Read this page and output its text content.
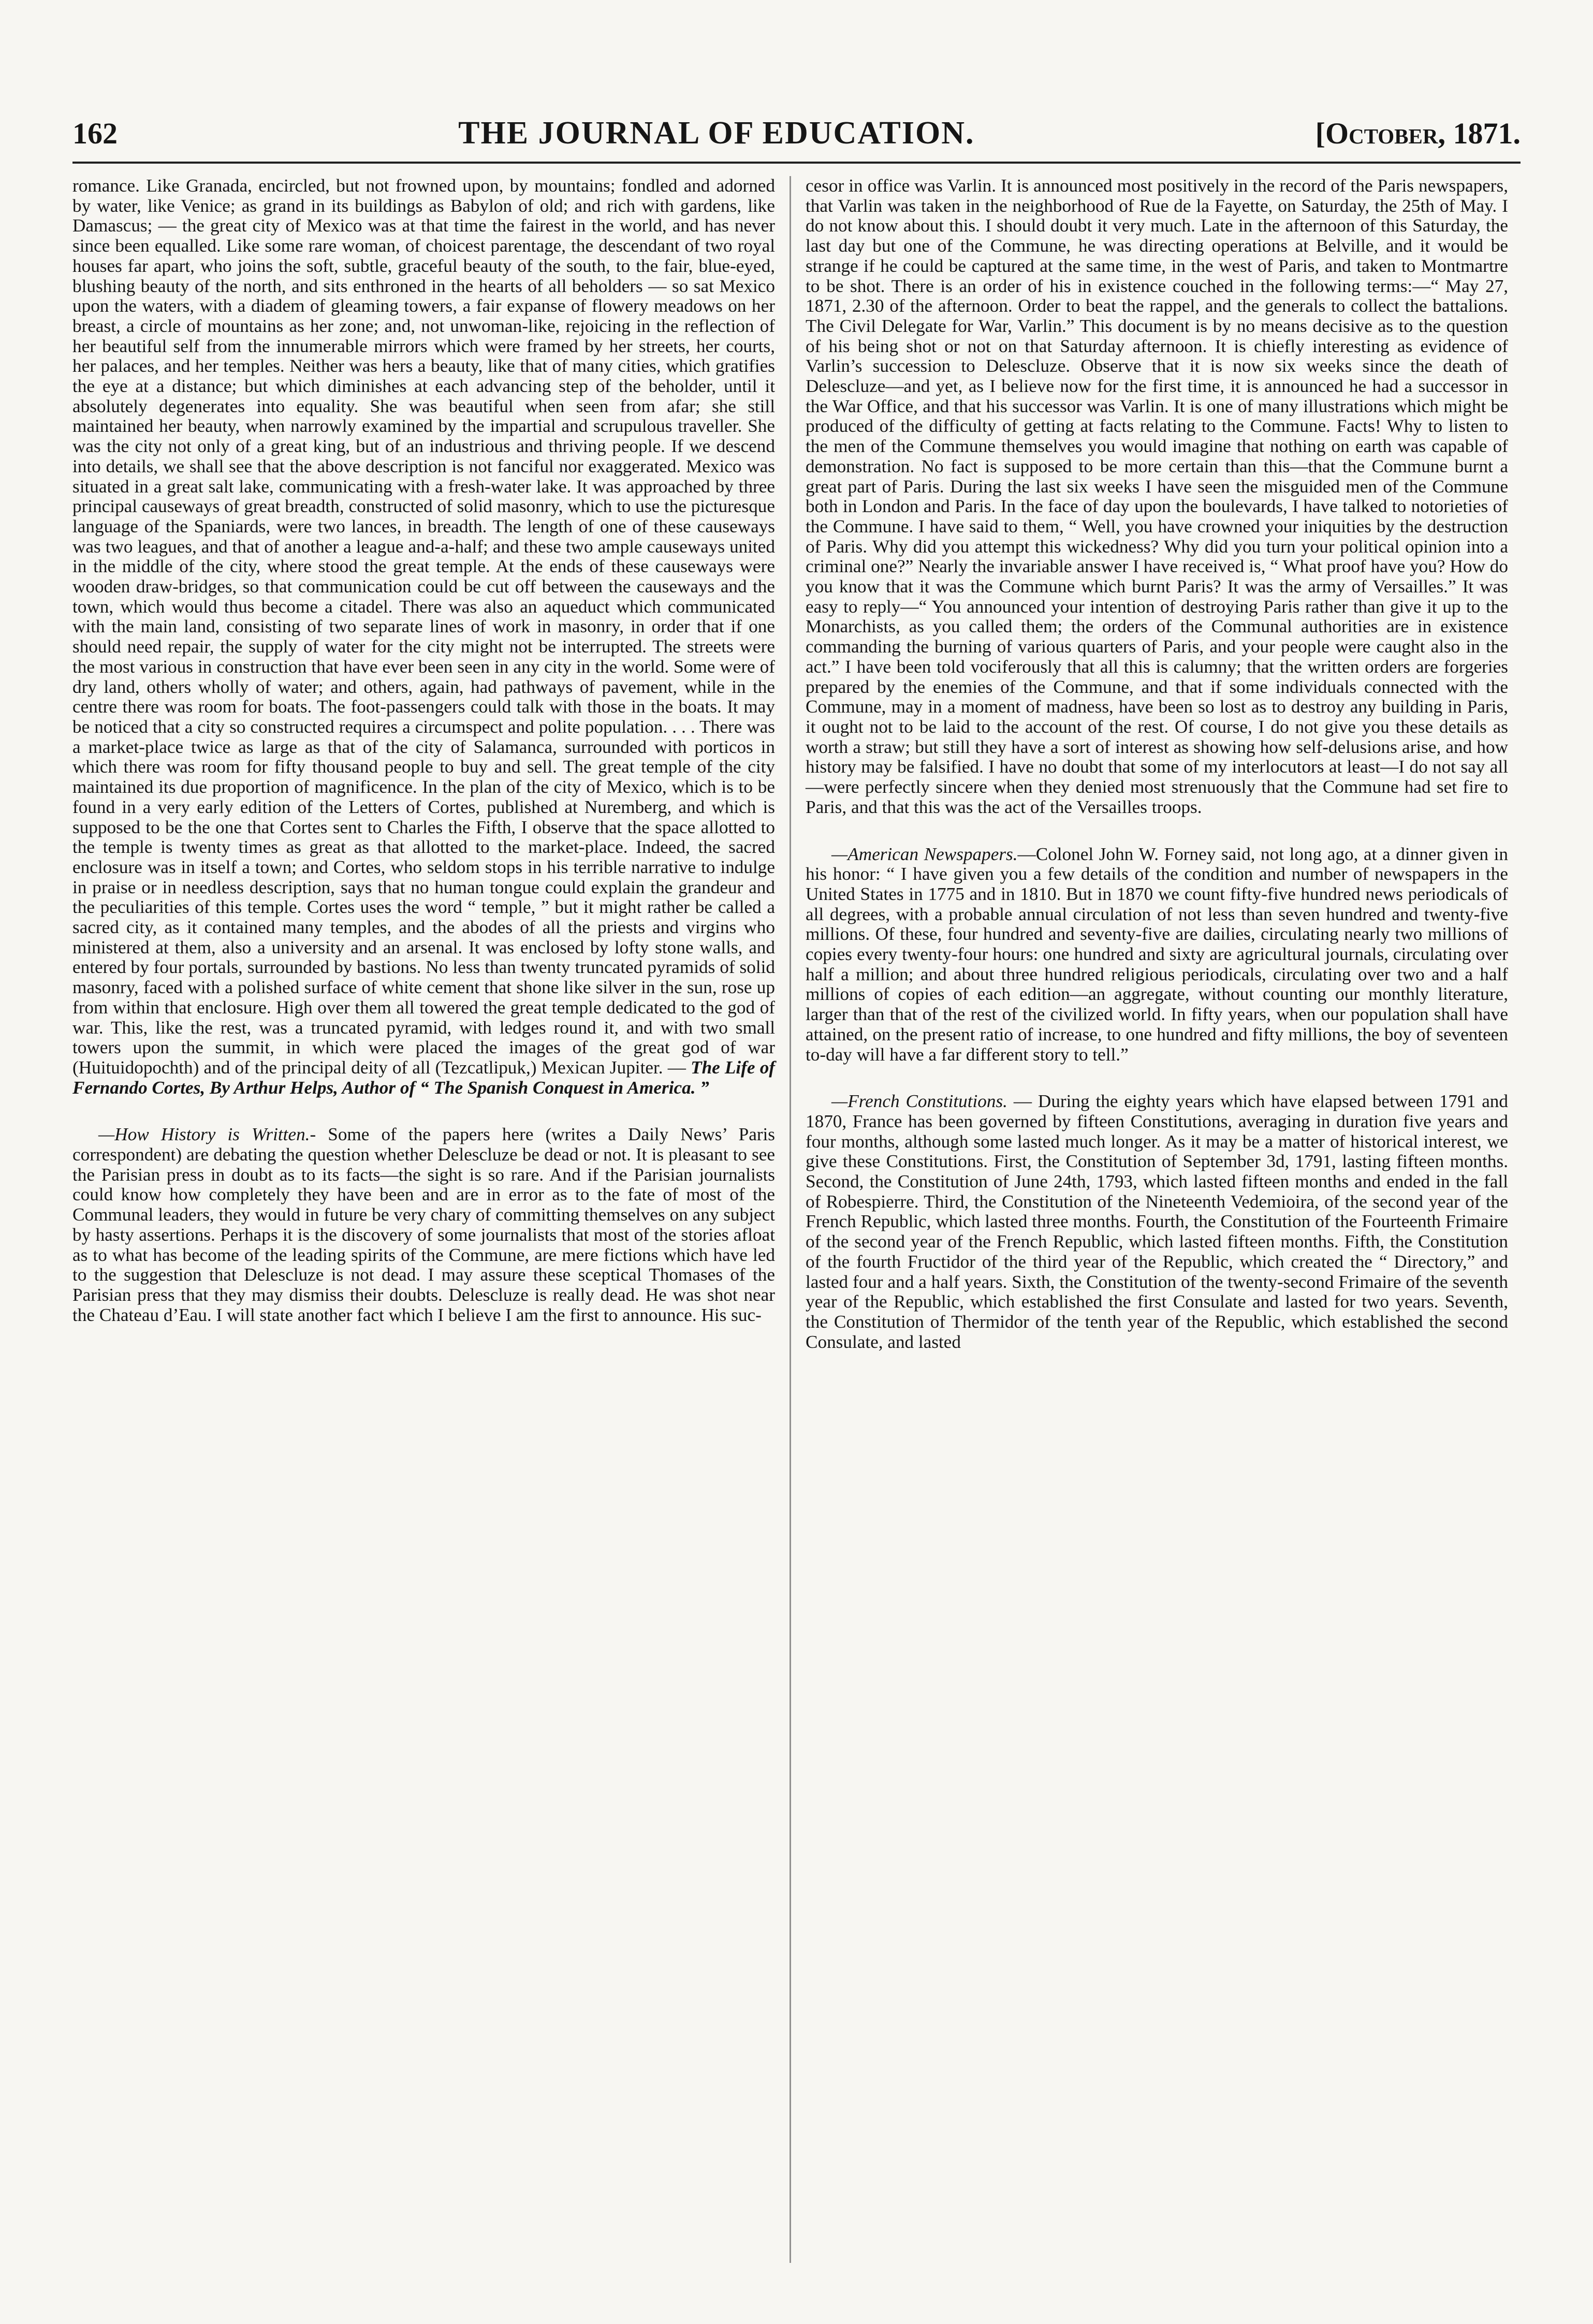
162	THE JOURNAL OF EDUCATION.	[October, 1871.

romance. Like Granada, encircled, but not frowned upon, by mountains; fondled and adorned by water, like Venice; as grand in its buildings as Babylon of old; and rich with gardens, like Damascus; — the great city of Mexico was at that time the fairest in the world, and has never since been equalled. Like some rare woman, of choicest parentage, the descendant of two royal houses far apart, who joins the soft, subtle, graceful beauty of the south, to the fair, blue-eyed, blushing beauty of the north, and sits enthroned in the hearts of all beholders — so sat Mexico upon the waters, with a diadem of gleaming towers, a fair expanse of flowery meadows on her breast, a circle of mountains as her zone; and, not unwoman-like, rejoicing in the reflection of her beautiful self from the innumerable mirrors which were framed by her streets, her courts, her palaces, and her temples. Neither was hers a beauty, like that of many cities, which gratifies the eye at a distance; but which diminishes at each advancing step of the beholder, until it absolutely degenerates into equality. She was beautiful when seen from afar; she still maintained her beauty, when narrowly examined by the impartial and scrupulous traveller. She was the city not only of a great king, but of an industrious and thriving people. If we descend into details, we shall see that the above description is not fanciful nor exaggerated. Mexico was situated in a great salt lake, communicating with a fresh-water lake. It was approached by three principal causeways of great breadth, constructed of solid masonry, which to use the picturesque language of the Spaniards, were two lances, in breadth. The length of one of these causeways was two leagues, and that of another a league and-a-half; and these two ample causeways united in the middle of the city, where stood the great temple. At the ends of these causeways were wooden draw-bridges, so that communication could be cut off between the causeways and the town, which would thus become a citadel. There was also an aqueduct which communicated with the main land, consisting of two separate lines of work in masonry, in order that if one should need repair, the supply of water for the city might not be interrupted. The streets were the most various in construction that have ever been seen in any city in the world. Some were of dry land, others wholly of water; and others, again, had pathways of pavement, while in the centre there was room for boats. The foot-passengers could talk with those in the boats. It may be noticed that a city so constructed requires a circumspect and polite population. . . . There was a market-place twice as large as that of the city of Salamanca, surrounded with porticos in which there was room for fifty thousand people to buy and sell. The great temple of the city maintained its due proportion of magnificence. In the plan of the city of Mexico, which is to be found in a very early edition of the Letters of Cortes, published at Nuremberg, and which is supposed to be the one that Cortes sent to Charles the Fifth, I observe that the space allotted to the temple is twenty times as great as that allotted to the market-place. Indeed, the sacred enclosure was in itself a town; and Cortes, who seldom stops in his terrible narrative to indulge in praise or in needless description, says that no human tongue could explain the grandeur and the peculiarities of this temple. Cortes uses the word “ temple, ” but it might rather be called a sacred city, as it contained many temples, and the abodes of all the priests and virgins who ministered at them, also a university and an arsenal. It was enclosed by lofty stone walls, and entered by four portals, surrounded by bastions. No less than twenty truncated pyramids of solid masonry, faced with a polished surface of white cement that shone like silver in the sun, rose up from within that enclosure. High over them all towered the great temple dedicated to the god of war. This, like the rest, was a truncated pyramid, with ledges round it, and with two small towers upon the summit, in which were placed the images of the great god of war (Huituidopochth) and of the principal deity of all (Tezcatlipuk,) Mexican Jupiter. — The Life of Fernando Cortes, By Arthur Helps, Author of “ The Spanish Conquest in America. ”

—How History is Written.- Some of the papers here (writes a Daily News’ Paris correspondent) are debating the question whether Delescluze be dead or not. It is pleasant to see the Parisian press in doubt as to its facts—the sight is so rare. And if the Parisian journalists could know how completely they have been and are in error as to the fate of most of the Communal leaders, they would in future be very chary of committing themselves on any subject by hasty assertions. Perhaps it is the discovery of some journalists that most of the stories afloat as to what has become of the leading spirits of the Commune, are mere fictions which have led to the suggestion that Delescluze is not dead. I may assure these sceptical Thomases of the Parisian press that they may dismiss their doubts. Delescluze is really dead. He was shot near the Chateau d’Eau. I will state another fact which I believe I am the first to announce. His suc-

cesor in office was Varlin. It is announced most positively in the record of the Paris newspapers, that Varlin was taken in the neighborhood of Rue de la Fayette, on Saturday, the 25th of May. I do not know about this. I should doubt it very much. Late in the afternoon of this Saturday, the last day but one of the Commune, he was directing operations at Belville, and it would be strange if he could be captured at the same time, in the west of Paris, and taken to Montmartre to be shot. There is an order of his in existence couched in the following terms:—“ May 27, 1871, 2.30 of the afternoon. Order to beat the rappel, and the generals to collect the battalions. The Civil Delegate for War, Varlin.” This document is by no means decisive as to the question of his being shot or not on that Saturday afternoon. It is chiefly interesting as evidence of Varlin’s succession to Delescluze. Observe that it is now six weeks since the death of Delescluze—and yet, as I believe now for the first time, it is announced he had a successor in the War Office, and that his successor was Varlin. It is one of many illustrations which might be produced of the difficulty of getting at facts relating to the Commune. Facts! Why to listen to the men of the Commune themselves you would imagine that nothing on earth was capable of demonstration. No fact is supposed to be more certain than this—that the Commune burnt a great part of Paris. During the last six weeks I have seen the misguided men of the Commune both in London and Paris. In the face of day upon the boulevards, I have talked to notorieties of the Commune. I have said to them, “ Well, you have crowned your iniquities by the destruction of Paris. Why did you attempt this wickedness? Why did you turn your political opinion into a criminal one?” Nearly the invariable answer I have received is, “ What proof have you? How do you know that it was the Commune which burnt Paris? It was the army of Versailles.” It was easy to reply—“ You announced your intention of destroying Paris rather than give it up to the Monarchists, as you called them; the orders of the Communal authorities are in existence commanding the burning of various quarters of Paris, and your people were caught also in the act.” I have been told vociferously that all this is calumny; that the written orders are forgeries prepared by the enemies of the Commune, and that if some individuals connected with the Commune, may in a moment of madness, have been so lost as to destroy any building in Paris, it ought not to be laid to the account of the rest. Of course, I do not give you these details as worth a straw; but still they have a sort of interest as showing how self-delusions arise, and how history may be falsified. I have no doubt that some of my interlocutors at least—I do not say all—were perfectly sincere when they denied most strenuously that the Commune had set fire to Paris, and that this was the act of the Versailles troops.

—American Newspapers.—Colonel John W. Forney said, not long ago, at a dinner given in his honor: “ I have given you a few details of the condition and number of newspapers in the United States in 1775 and in 1810. But in 1870 we count fifty-five hundred news periodicals of all degrees, with a probable annual circulation of not less than seven hundred and twenty-five millions. Of these, four hundred and seventy-five are dailies, circulating nearly two millions of copies every twenty-four hours: one hundred and sixty are agricultural journals, circulating over half a million; and about three hundred religious periodicals, circulating over two and a half millions of copies of each edition—an aggregate, without counting our monthly literature, larger than that of the rest of the civilized world. In fifty years, when our population shall have attained, on the present ratio of increase, to one hundred and fifty millions, the boy of seventeen to-day will have a far different story to tell.”

—French Constitutions. — During the eighty years which have elapsed between 1791 and 1870, France has been governed by fifteen Constitutions, averaging in duration five years and four months, although some lasted much longer. As it may be a matter of historical interest, we give these Constitutions. First, the Constitution of September 3d, 1791, lasting fifteen months. Second, the Constitution of June 24th, 1793, which lasted fifteen months and ended in the fall of Robespierre. Third, the Constitution of the Nineteenth Vedemioira, of the second year of the French Republic, which lasted three months. Fourth, the Constitution of the Fourteenth Frimaire of the second year of the French Republic, which lasted fifteen months. Fifth, the Constitution of the fourth Fructidor of the third year of the Republic, which created the “ Directory,” and lasted four and a half years. Sixth, the Constitution of the twenty-second Frimaire of the seventh year of the Republic, which established the first Consulate and lasted for two years. Seventh, the Constitution of Thermidor of the tenth year of the Republic, which established the second Consulate, and lasted
